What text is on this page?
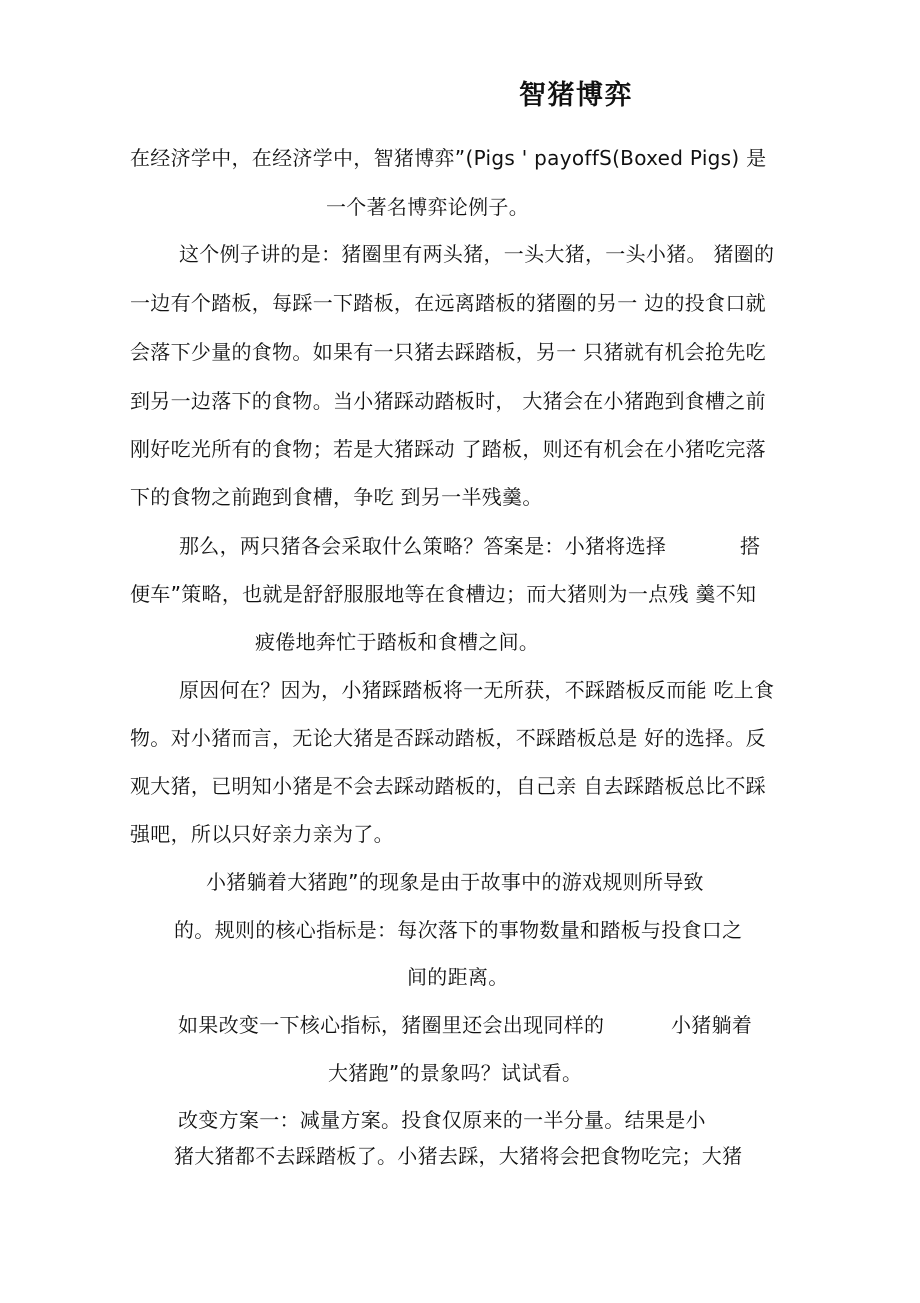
智猪博弈

在经济学中，在经济学中，智猪博弈”(Pigs ' payoffS(Boxed Pigs) 是

一个著名博弈论例子。

这个例子讲的是：猪圈里有两头猪，一头大猪，一头小猪。 猪圈的

一边有个踏板，每踩一下踏板，在远离踏板的猪圈的另一 边的投食口就

会落下少量的食物。如果有一只猪去踩踏板，另一 只猪就有机会抢先吃

到另一边落下的食物。当小猪踩动踏板时， 大猪会在小猪跑到食槽之前

刚好吃光所有的食物；若是大猪踩动 了踏板，则还有机会在小猪吃完落

下的食物之前跑到食槽，争吃 到另一半残羹。

那么，两只猪各会采取什么策略？答案是：小猪将选择	搭

便车”策略，也就是舒舒服服地等在食槽边；而大猪则为一点残 羹不知

疲倦地奔忙于踏板和食槽之间。

原因何在？因为，小猪踩踏板将一无所获，不踩踏板反而能 吃上食

物。对小猪而言，无论大猪是否踩动踏板，不踩踏板总是 好的选择。反

观大猪，已明知小猪是不会去踩动踏板的，自己亲 自去踩踏板总比不踩

强吧，所以只好亲力亲为了。

小猪躺着大猪跑”的现象是由于故事中的游戏规则所导致

的。规则的核心指标是：每次落下的事物数量和踏板与投食口之

间的距离。

如果改变一下核心指标，猪圈里还会出现同样的	小猪躺着

大猪跑”的景象吗？试试看。

改变方案一：减量方案。投食仅原来的一半分量。结果是小

猪大猪都不去踩踏板了。小猪去踩，大猪将会把食物吃完；大猪
